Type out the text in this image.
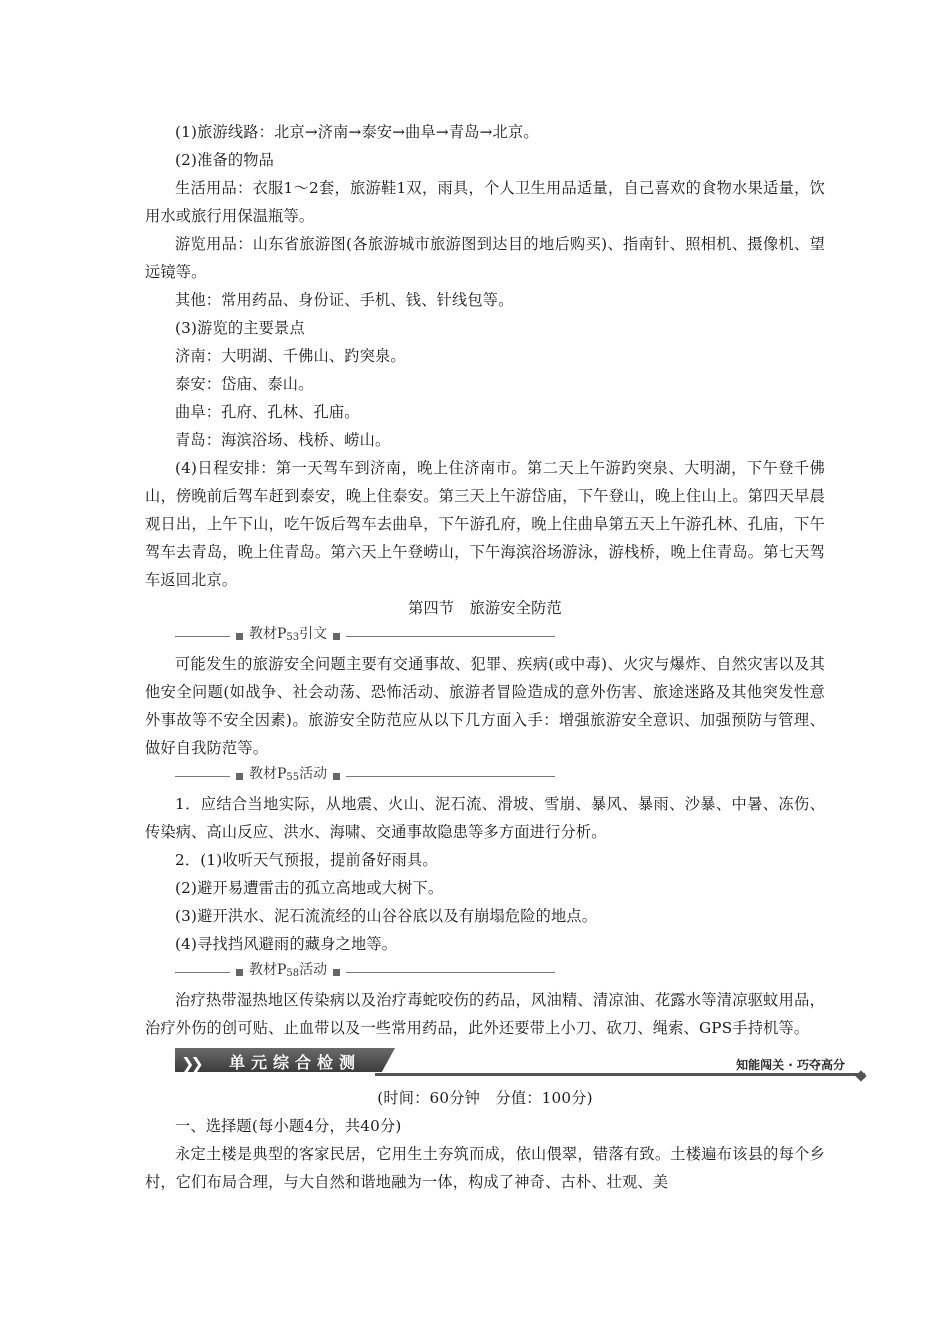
(1)旅游线路：北京→济南→泰安→曲阜→青岛→北京。

(2)准备的物品

生活用品：衣服1～2套，旅游鞋1双，雨具，个人卫生用品适量，自己喜欢的食物水果适量，饮用水或旅行用保温瓶等。

游览用品：山东省旅游图(各旅游城市旅游图到达目的地后购买)、指南针、照相机、摄像机、望远镜等。

其他：常用药品、身份证、手机、钱、针线包等。

(3)游览的主要景点

济南：大明湖、千佛山、趵突泉。

泰安：岱庙、泰山。

曲阜：孔府、孔林、孔庙。

青岛：海滨浴场、栈桥、崂山。

(4)日程安排：第一天驾车到济南，晚上住济南市。第二天上午游趵突泉、大明湖，下午登千佛山，傍晚前后驾车赶到泰安，晚上住泰安。第三天上午游岱庙，下午登山，晚上住山上。第四天早晨观日出，上午下山，吃午饭后驾车去曲阜，下午游孔府，晚上住曲阜第五天上午游孔林、孔庙，下午驾车去青岛，晚上住青岛。第六天上午登崂山，下午海滨浴场游泳，游栈桥，晚上住青岛。第七天驾车返回北京。

第四节　旅游安全防范

教材$P_{53}$引文

可能发生的旅游安全问题主要有交通事故、犯罪、疾病(或中毒)、火灾与爆炸、自然灾害以及其他安全问题(如战争、社会动荡、恐怖活动、旅游者冒险造成的意外伤害、旅途迷路及其他突发性意外事故等不安全因素)。旅游安全防范应从以下几方面入手：增强旅游安全意识、加强预防与管理、做好自我防范等。

教材$P_{55}$活动

1．应结合当地实际，从地震、火山、泥石流、滑坡、雪崩、暴风、暴雨、沙暴、中暑、冻伤、传染病、高山反应、洪水、海啸、交通事故隐患等多方面进行分析。

2．(1)收听天气预报，提前备好雨具。

(2)避开易遭雷击的孤立高地或大树下。

(3)避开洪水、泥石流流经的山谷谷底以及有崩塌危险的地点。

(4)寻找挡风避雨的藏身之地等。

教材$P_{58}$活动

治疗热带湿热地区传染病以及治疗毒蛇咬伤的药品，风油精、清凉油、花露水等清凉驱蚊用品，治疗外伤的创可贴、止血带以及一些常用药品，此外还要带上小刀、砍刀、绳索、GPS手持机等。

❯❯ 单元综合检测	知能闯关 · 巧夺高分

(时间：60分钟　分值：100分)

一、选择题(每小题4分，共40分)

永定土楼是典型的客家民居，它用生土夯筑而成，依山偎翠，错落有致。土楼遍布该县的每个乡村，它们布局合理，与大自然和谐地融为一体，构成了神奇、古朴、壮观、美
